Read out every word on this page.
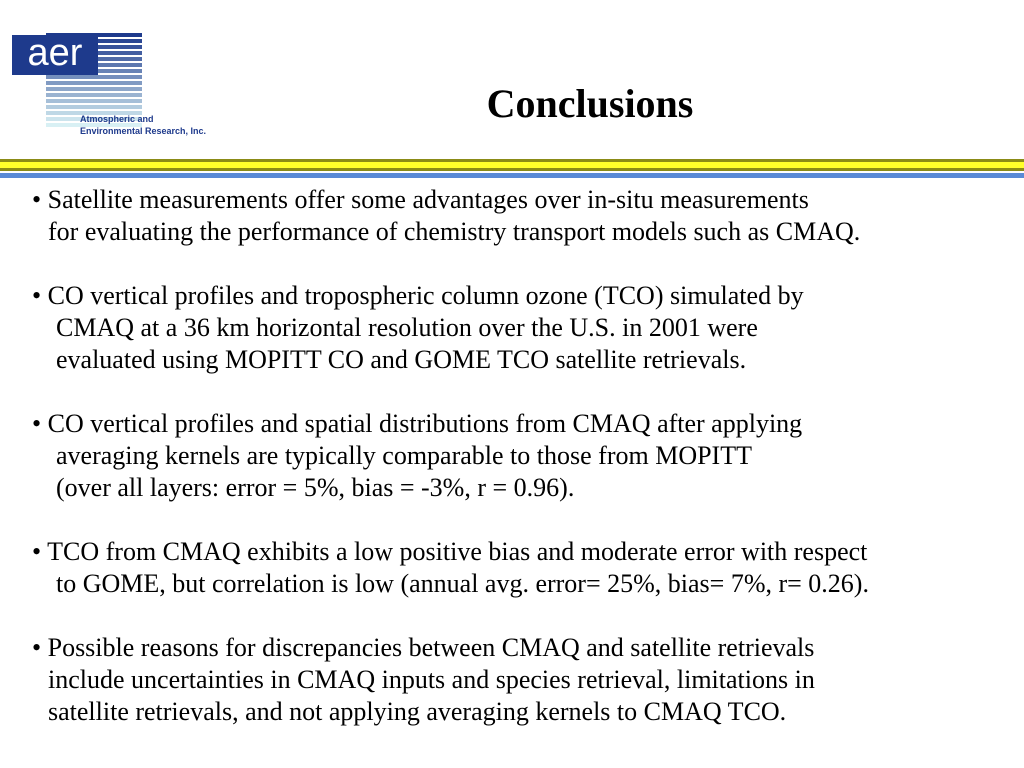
aer
Atmospheric and
Environmental Research, Inc.
Conclusions
• Satellite measurements offer some advantages over in-situ measurements
for evaluating the performance of chemistry transport models such as CMAQ.
• CO vertical profiles and tropospheric column ozone (TCO) simulated by
CMAQ at a 36 km horizontal resolution over the U.S. in 2001 were
evaluated using MOPITT CO and GOME TCO satellite retrievals.
• CO vertical profiles and spatial distributions from CMAQ after applying
averaging kernels are typically comparable to those from MOPITT
(over all layers: error = 5%, bias = -3%, r = 0.96).
• TCO from CMAQ exhibits a low positive bias and moderate error with respect
to GOME, but correlation is low (annual avg. error= 25%, bias= 7%, r= 0.26).
• Possible reasons for discrepancies between CMAQ and satellite retrievals
include uncertainties in CMAQ inputs and species retrieval, limitations in
satellite retrievals, and not applying averaging kernels to CMAQ TCO.
